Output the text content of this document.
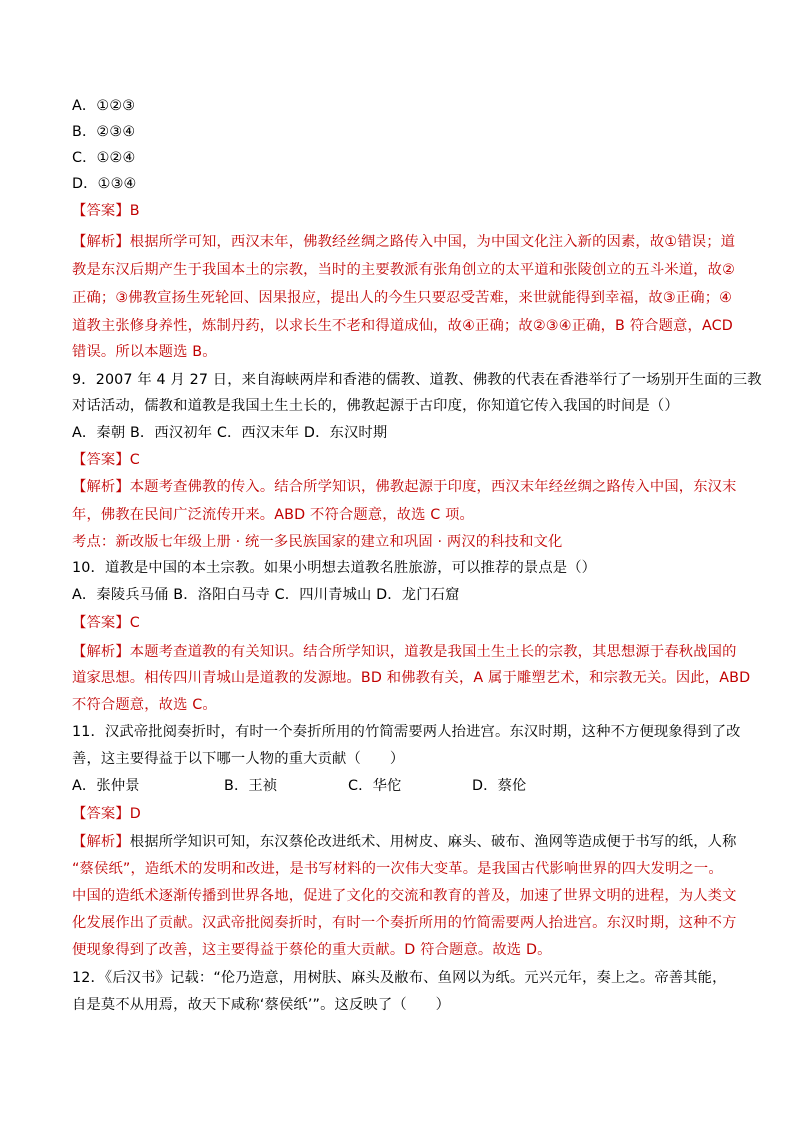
A．①②③
B．②③④
C．①②④
D．①③④
【答案】B
【解析】根据所学可知，西汉末年，佛教经丝绸之路传入中国，为中国文化注入新的因素，故①错误；道
教是东汉后期产生于我国本土的宗教，当时的主要教派有张角创立的太平道和张陵创立的五斗米道，故②
正确；③佛教宣扬生死轮回、因果报应，提出人的今生只要忍受苦难，来世就能得到幸福，故③正确；④
道教主张修身养性，炼制丹药，以求长生不老和得道成仙，故④正确；故②③④正确，B 符合题意，ACD
错误。所以本题选 B。
9．2007 年 4 月 27 日，来自海峡两岸和香港的儒教、道教、佛教的代表在香港举行了一场别开生面的三教
对话活动，儒教和道教是我国土生土长的，佛教起源于古印度，你知道它传入我国的时间是（）
A．秦朝 B．西汉初年 C．西汉末年 D．东汉时期
【答案】C
【解析】本题考查佛教的传入。结合所学知识，佛教起源于印度，西汉末年经丝绸之路传入中国，东汉末
年，佛教在民间广泛流传开来。ABD 不符合题意，故选 C 项。
考点：新改版七年级上册 · 统一多民族国家的建立和巩固 · 两汉的科技和文化
10．道教是中国的本土宗教。如果小明想去道教名胜旅游，可以推荐的景点是（）
A．秦陵兵马俑 B．洛阳白马寺 C．四川青城山 D．龙门石窟
【答案】C
【解析】本题考查道教的有关知识。结合所学知识，道教是我国土生土长的宗教，其思想源于春秋战国的
道家思想。相传四川青城山是道教的发源地。BD 和佛教有关，A 属于雕塑艺术，和宗教无关。因此，ABD
不符合题意，故选 C。
11．汉武帝批阅奏折时，有时一个奏折所用的竹简需要两人抬进宫。东汉时期，这种不方便现象得到了改
善，这主要得益于以下哪一人物的重大贡献（　　）
A．张仲景	B．王祯	C．华佗	D．蔡伦
【答案】D
【解析】根据所学知识可知，东汉蔡伦改进纸术、用树皮、麻头、破布、渔网等造成便于书写的纸，人称
“蔡侯纸”，造纸术的发明和改进，是书写材料的一次伟大变革。是我国古代影响世界的四大发明之一。
中国的造纸术逐渐传播到世界各地，促进了文化的交流和教育的普及，加速了世界文明的进程，为人类文
化发展作出了贡献。汉武帝批阅奏折时，有时一个奏折所用的竹简需要两人抬进宫。东汉时期，这种不方
便现象得到了改善，这主要得益于蔡伦的重大贡献。D 符合题意。故选 D。
12．《后汉书》记载：“伦乃造意，用树肤、麻头及敝布、鱼网以为纸。元兴元年，奏上之。帝善其能，
自是莫不从用焉，故天下咸称‘蔡侯纸’”。这反映了（　　）
